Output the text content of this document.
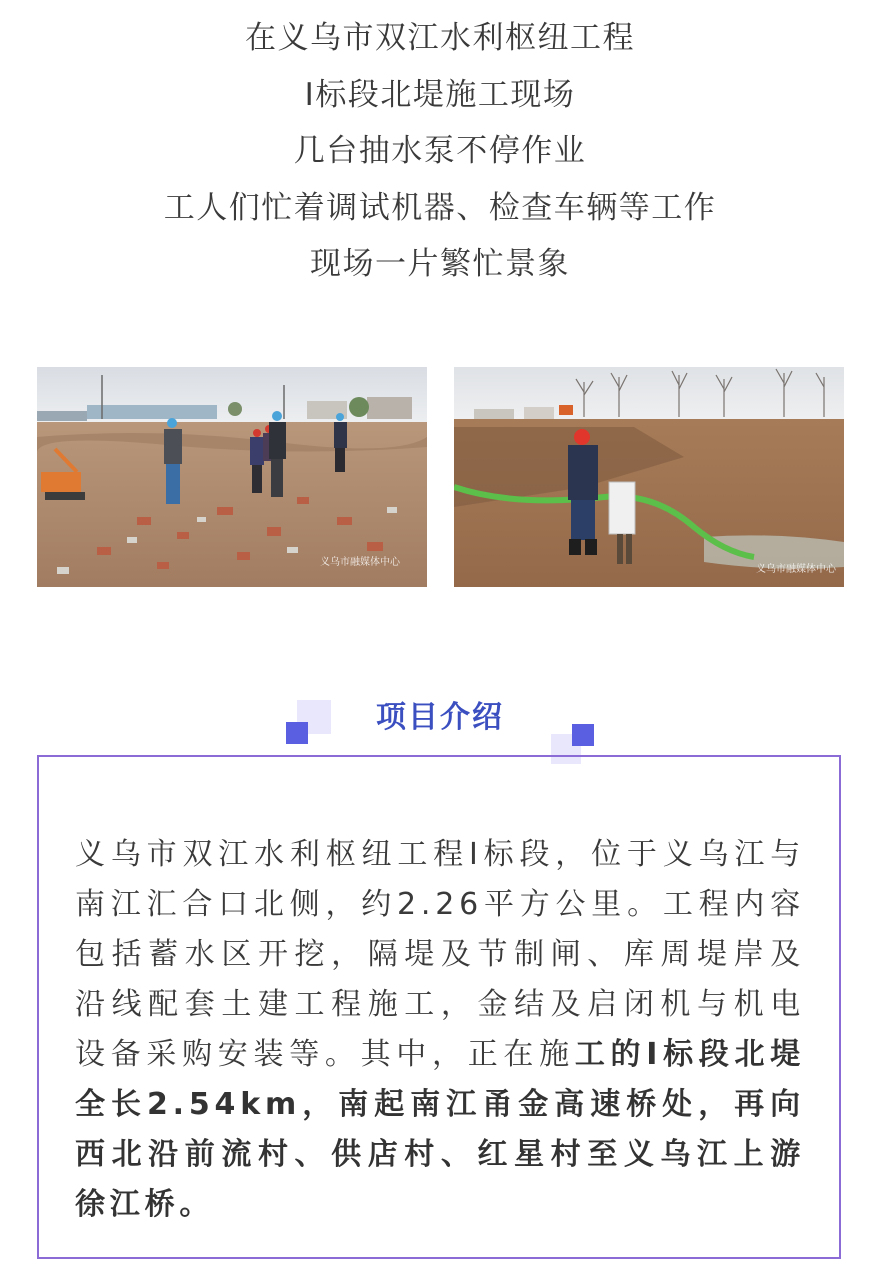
在义乌市双江水利枢纽工程
I标段北堤施工现场
几台抽水泵不停作业
工人们忙着调试机器、检查车辆等工作
现场一片繁忙景象
义乌市融媒体中心
义乌市融媒体中心
项目介绍
义乌市双江水利枢纽工程I标段，位于义乌江与南江汇合口北侧，约2.26平方公里。工程内容包括蓄水区开挖，隔堤及节制闸、库周堤岸及沿线配套土建工程施工，金结及启闭机与机电设备采购安装等。其中，正在施工的Ⅰ标段北堤全长2.54km，南起南江甬金高速桥处，再向西北沿前流村、供店村、红星村至义乌江上游徐江桥。
